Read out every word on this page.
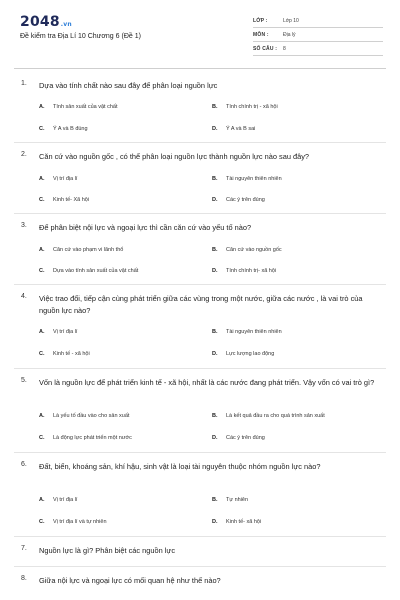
2048.vn
Đề kiểm tra Địa Lí 10 Chương 6 (Đề 1)
LỚP :	Lớp 10
MÔN :	Địa lý
SỐ CÂU : 8
1. Dựa vào tính chất nào sau đây để phân loại nguồn lực
A. Tính sản xuất của vật chất	B. Tính chính trị - xã hội
C. Ý A và B đúng	D. Ý A và B sai
2. Căn cứ vào nguồn gốc , có thể phân loại nguồn lực thành nguồn lực nào sau đây?
A. Vị trí địa lí	B. Tài nguyên thiên nhiên
C. Kinh tế- Xã hội	D. Các ý trên đúng
3. Để phân biệt nội lực và ngoại lực thì cần căn cứ vào yếu tố nào?
A. Căn cứ vào phạm vi lãnh thổ	B. Căn cứ vào nguồn gốc
C. Dựa vào tính sản xuất của vật chất	D. Tính chính trị- xã hội
4. Việc trao đổi, tiếp cận cùng phát triển giữa các vùng trong một nước, giữa các nước , là vai trò của nguồn lực nào?
A. Vị trí địa lí	B. Tài nguyên thiên nhiên
C. Kinh tế - xã hội	D. Lực lượng lao động
5. Vốn là nguồn lực để phát triển kinh tế - xã hội, nhất là các nước đang phát triển. Vậy vốn có vai trò gì?
A. Là yếu tố đầu vào cho sản xuất	B. Là kết quả đầu ra cho quá trình sản xuất
C. Là động lực phát triển một nước	D. Các ý trên đúng
6. Đất, biển, khoáng sản, khí hậu, sinh vật là loại tài nguyên thuộc nhóm nguồn lực nào?
A. Vị trí địa lí	B. Tự nhiên
C. Vị trí địa lí và tự nhiên	D. Kinh tế- xã hội
7. Nguồn lực là gì? Phân biệt các nguồn lực
8. Giữa nội lực và ngoại lực có mối quan hệ như thế nào?
